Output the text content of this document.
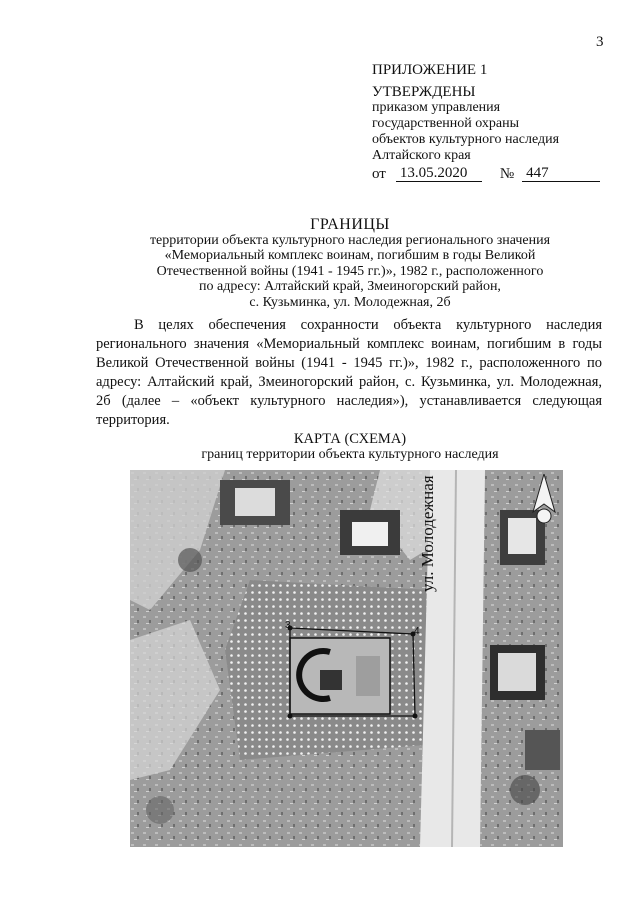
3
ПРИЛОЖЕНИЕ 1
УТВЕРЖДЕНЫ
приказом управления
государственной охраны
объектов культурного наследия
Алтайского края
от 13.05.2020	№ 447
ГРАНИЦЫ
территории объекта культурного наследия регионального значения
«Мемориальный комплекс воинам, погибшим в годы Великой
Отечественной войны (1941 - 1945 гг.)», 1982 г., расположенного
по адресу: Алтайский край, Змеиногорский район,
с. Кузьминка, ул. Молодежная, 2б
В целях обеспечения сохранности объекта культурного наследия регионального значения «Мемориальный комплекс воинам, погибшим в годы Великой Отечественной войны (1941 - 1945 гг.)», 1982 г., расположенного по адресу: Алтайский край, Змеиногорский район, с. Кузьминка, ул. Молодежная, 2б (далее – «объект культурного наследия»), устанавливается следующая территория.
КАРТА (СХЕМА)
границ территории объекта культурного наследия
ул. Молодежная
3
4
